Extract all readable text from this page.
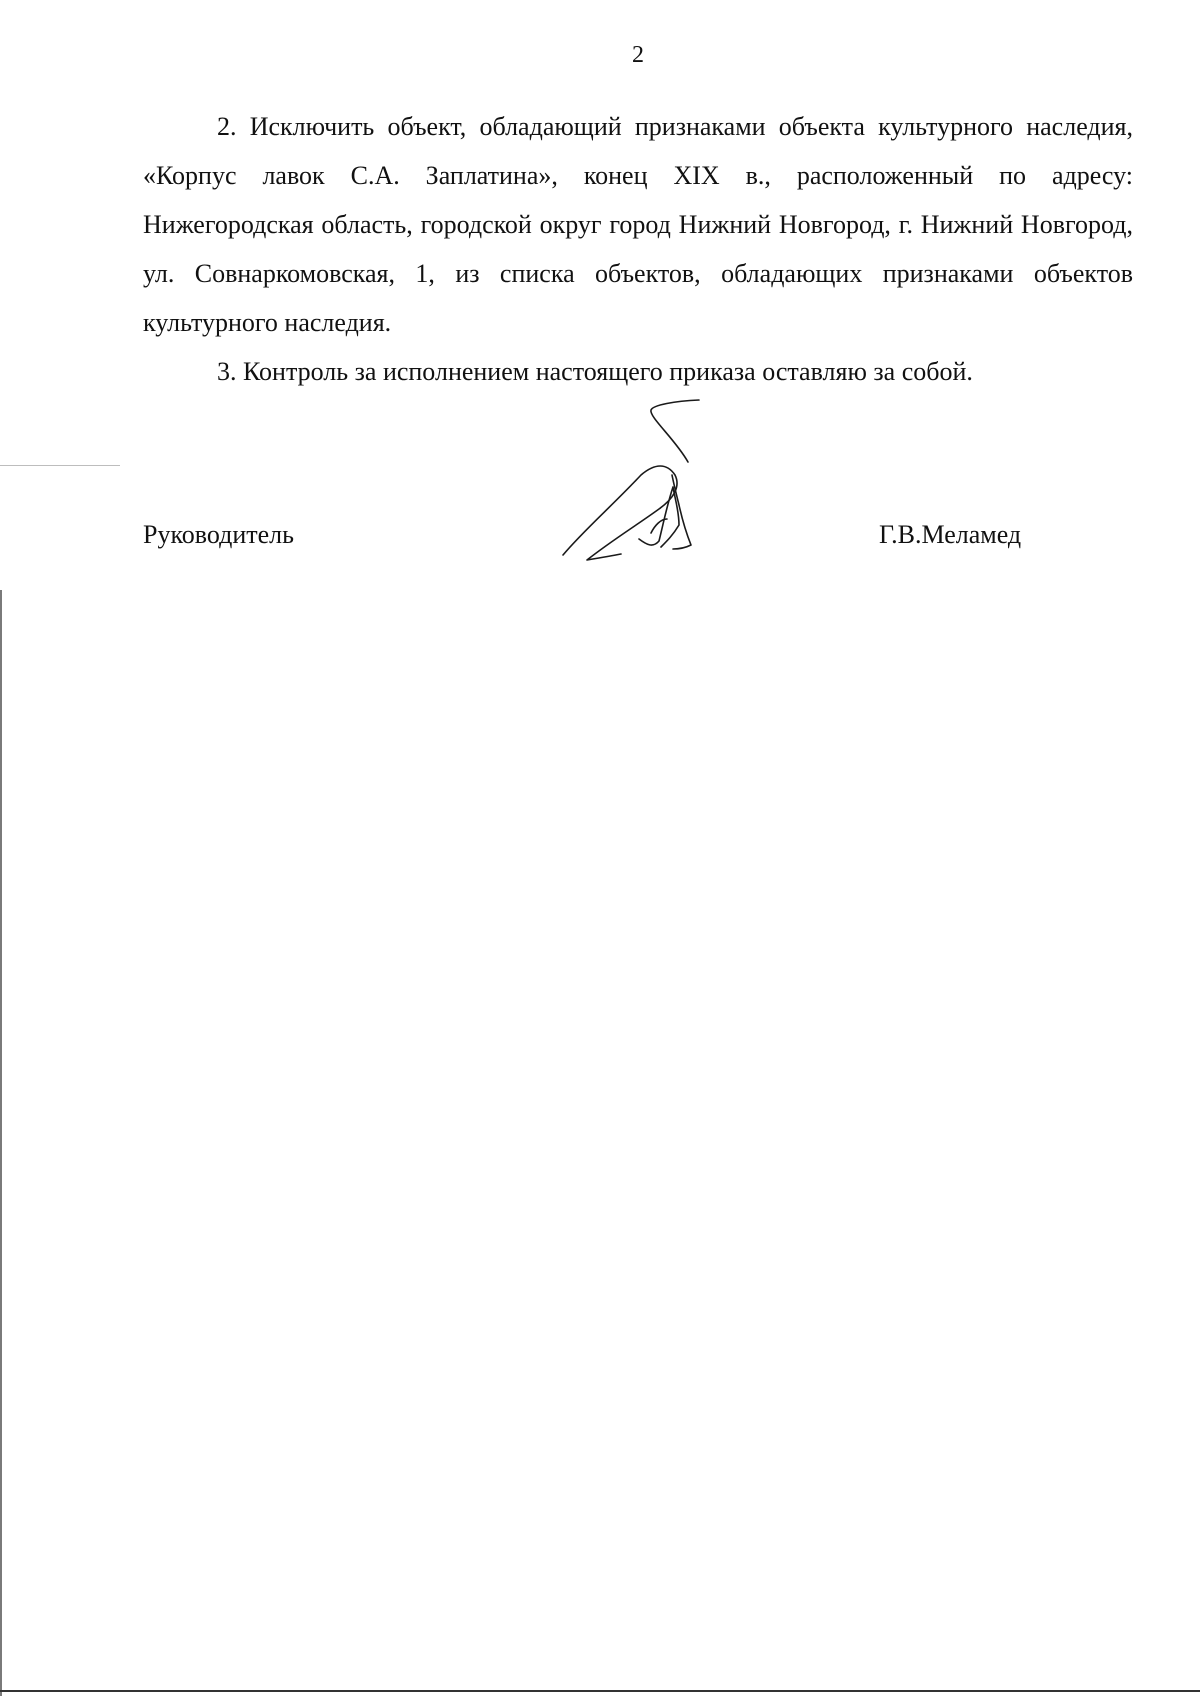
2

2. Исключить объект, обладающий признаками объекта культурного наследия, «Корпус лавок С.А. Заплатина», конец XIX в., расположенный по адресу: Нижегородская область, городской округ город Нижний Новгород, г. Нижний Новгород, ул. Совнаркомовская, 1, из списка объектов, обладающих признаками объектов культурного наследия.

3. Контроль за исполнением настоящего приказа оставляю за собой.

Руководитель	Г.В.Меламед
